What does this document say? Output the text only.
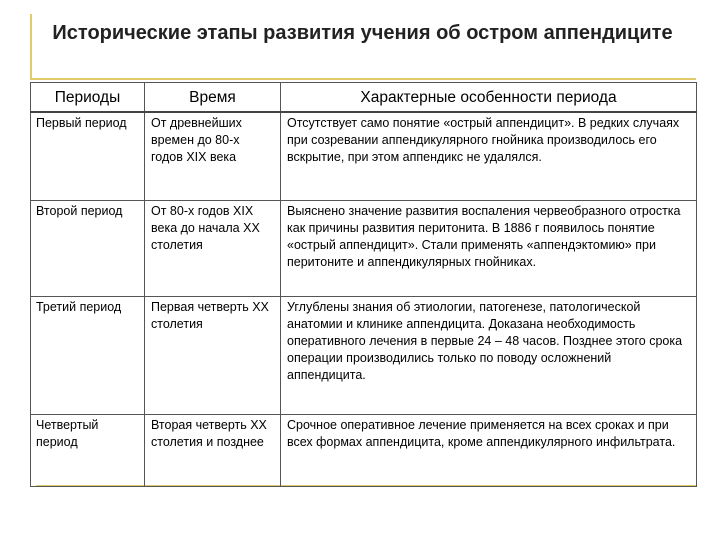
Исторические этапы развития учения об остром аппендиците
Периоды	Время	Характерные особенности периода
Первый период	От древнейших времен до 80-х годов XIX века	Отсутствует само понятие «острый аппендицит». В редких случаях при созревании аппендикулярного гнойника производилось его вскрытие, при этом аппендикс не удалялся.
Второй период	От 80-х годов XIX века до начала XX столетия	Выяснено значение развития воспаления червеобразного отростка как причины развития перитонита. В 1886 г появилось понятие «острый аппендицит». Стали применять «аппендэктомию» при перитоните и аппендикулярных гнойниках.
Третий период	Первая четверть XX столетия	Углублены знания об этиологии, патогенезе, патологической анатомии и клинике аппендицита. Доказана необходимость оперативного лечения в первые 24 – 48 часов. Позднее этого срока операции производились только по поводу осложнений аппендицита.
Четвертый период	Вторая четверть XX столетия и позднее	Срочное оперативное лечение применяется на всех сроках и при всех формах аппендицита, кроме аппендикулярного инфильтрата.
